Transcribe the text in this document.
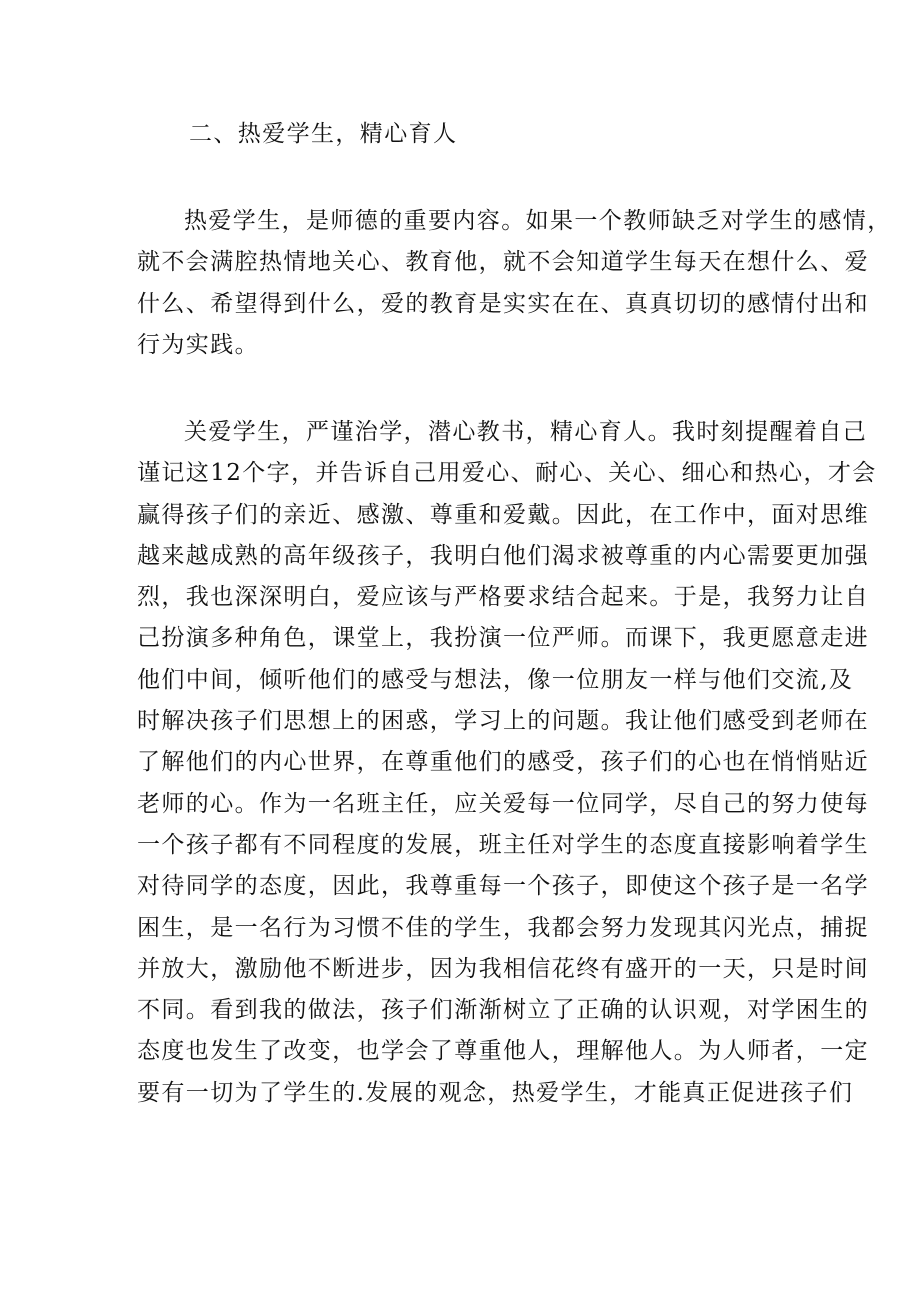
二、热爱学生，精心育人
热爱学生，是师德的重要内容。如果一个教师缺乏对学生的感情，
就不会满腔热情地关心、教育他，就不会知道学生每天在想什么、爱
什么、希望得到什么，爱的教育是实实在在、真真切切的感情付出和
行为实践。
关爱学生，严谨治学，潜心教书，精心育人。我时刻提醒着自己
谨记这12个字，并告诉自己用爱心、耐心、关心、细心和热心，才会
赢得孩子们的亲近、感激、尊重和爱戴。因此，在工作中，面对思维
越来越成熟的高年级孩子，我明白他们渴求被尊重的内心需要更加强
烈，我也深深明白，爱应该与严格要求结合起来。于是，我努力让自
己扮演多种角色，课堂上，我扮演一位严师。而课下，我更愿意走进
他们中间，倾听他们的感受与想法，像一位朋友一样与他们交流,及
时解决孩子们思想上的困惑，学习上的问题。我让他们感受到老师在
了解他们的内心世界，在尊重他们的感受，孩子们的心也在悄悄贴近
老师的心。作为一名班主任，应关爱每一位同学，尽自己的努力使每
一个孩子都有不同程度的发展，班主任对学生的态度直接影响着学生
对待同学的态度，因此，我尊重每一个孩子，即使这个孩子是一名学
困生，是一名行为习惯不佳的学生，我都会努力发现其闪光点，捕捉
并放大，激励他不断进步，因为我相信花终有盛开的一天，只是时间
不同。看到我的做法，孩子们渐渐树立了正确的认识观，对学困生的
态度也发生了改变，也学会了尊重他人，理解他人。为人师者，一定
要有一切为了学生的.发展的观念，热爱学生，才能真正促进孩子们
